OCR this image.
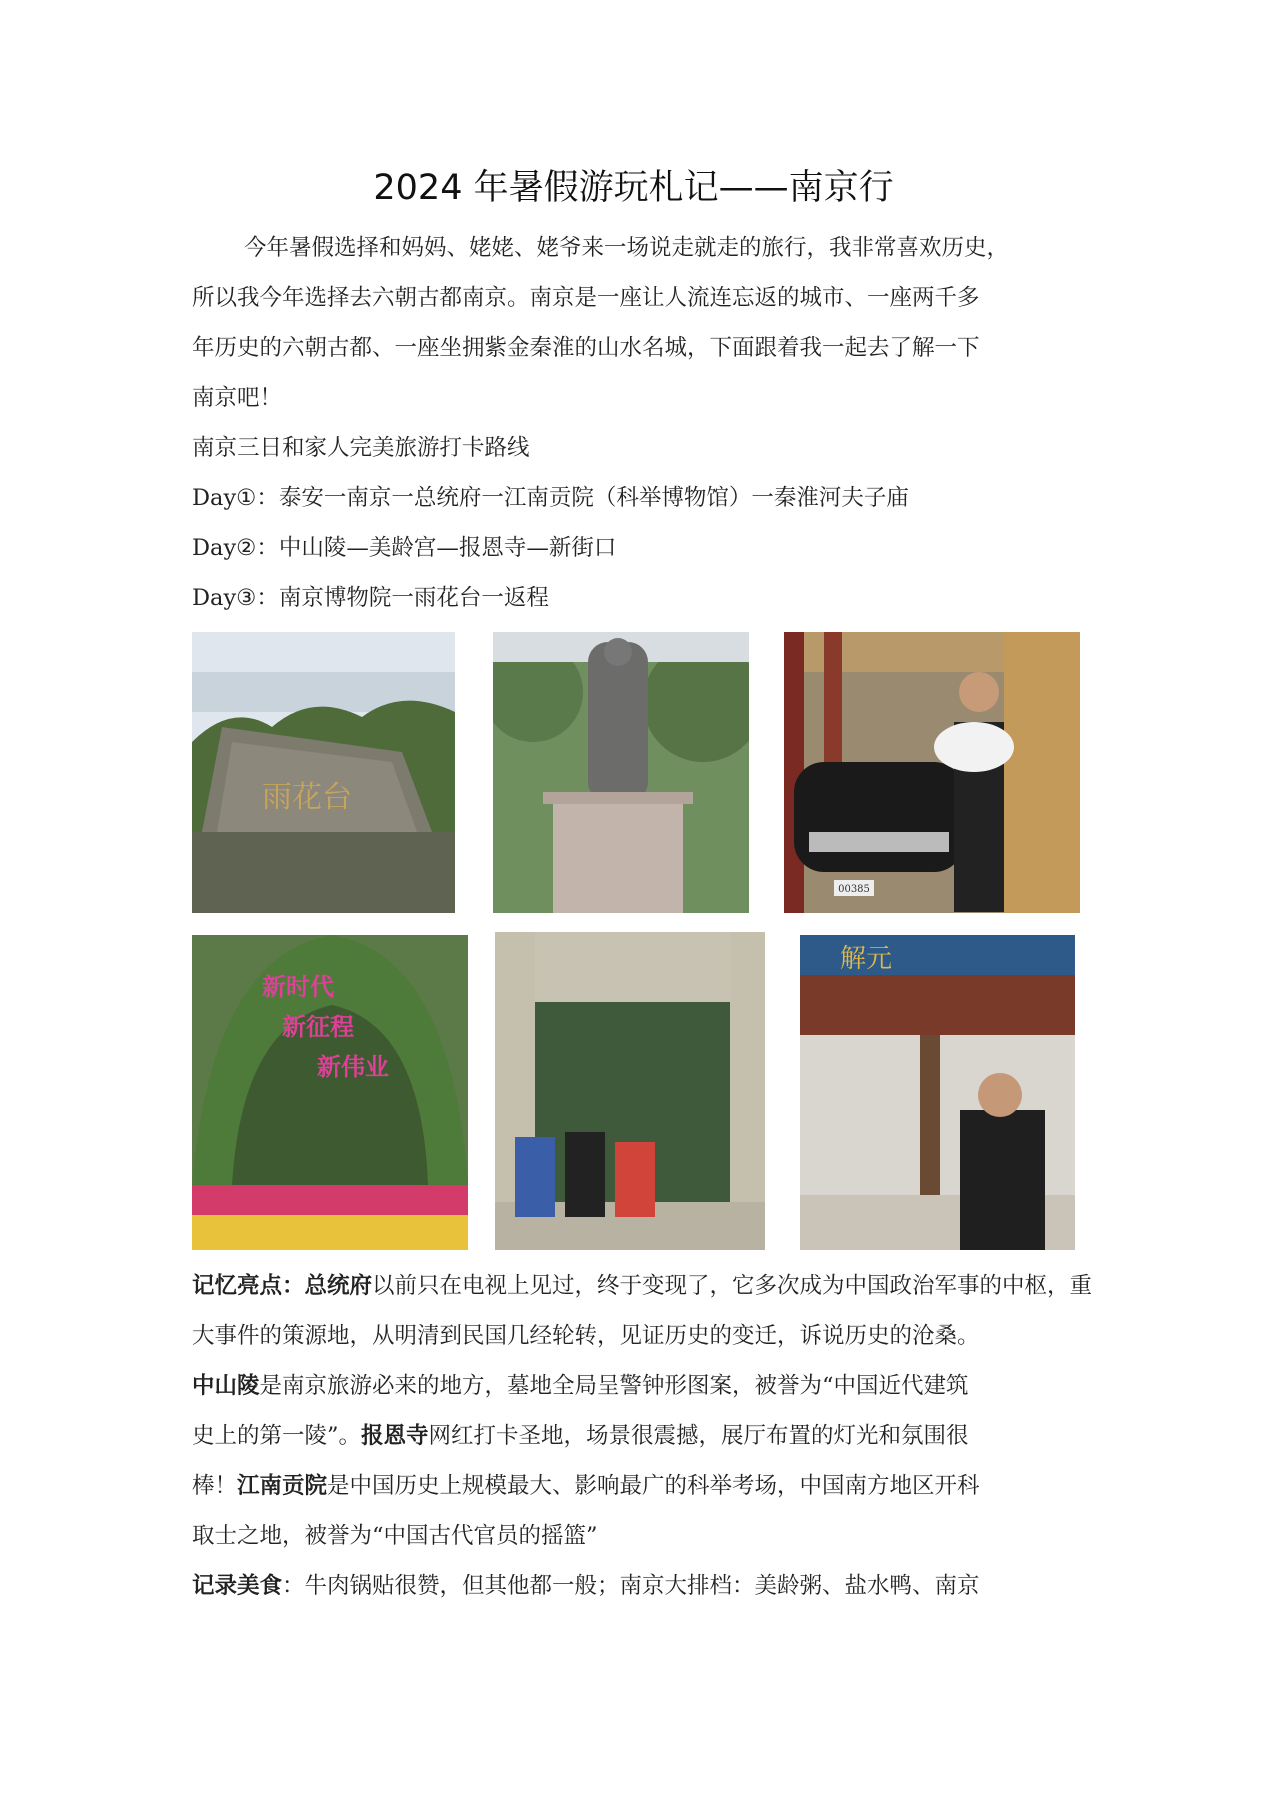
2024 年暑假游玩札记——南京行
今年暑假选择和妈妈、姥姥、姥爷来一场说走就走的旅行，我非常喜欢历史，
所以我今年选择去六朝古都南京。南京是一座让人流连忘返的城市、一座两千多
年历史的六朝古都、一座坐拥紫金秦淮的山水名城，下面跟着我一起去了解一下
南京吧！
南京三日和家人完美旅游打卡路线
Day①：泰安一南京一总统府一江南贡院（科举博物馆）一秦淮河夫子庙
Day②：中山陵—美龄宫—报恩寺—新街口
Day③：南京博物院一雨花台一返程
雨花台
00385
新时代
新征程
新伟业
解元
记忆亮点：总统府以前只在电视上见过，终于变现了，它多次成为中国政治军事的中枢，重
大事件的策源地，从明清到民国几经轮转，见证历史的变迁，诉说历史的沧桑。
中山陵是南京旅游必来的地方，墓地全局呈警钟形图案，被誉为“中国近代建筑
史上的第一陵”。报恩寺网红打卡圣地，场景很震撼，展厅布置的灯光和氛围很
棒！江南贡院是中国历史上规模最大、影响最广的科举考场，中国南方地区开科
取士之地，被誉为“中国古代官员的摇篮”
记录美食：牛肉锅贴很赞，但其他都一般；南京大排档：美龄粥、盐水鸭、南京
